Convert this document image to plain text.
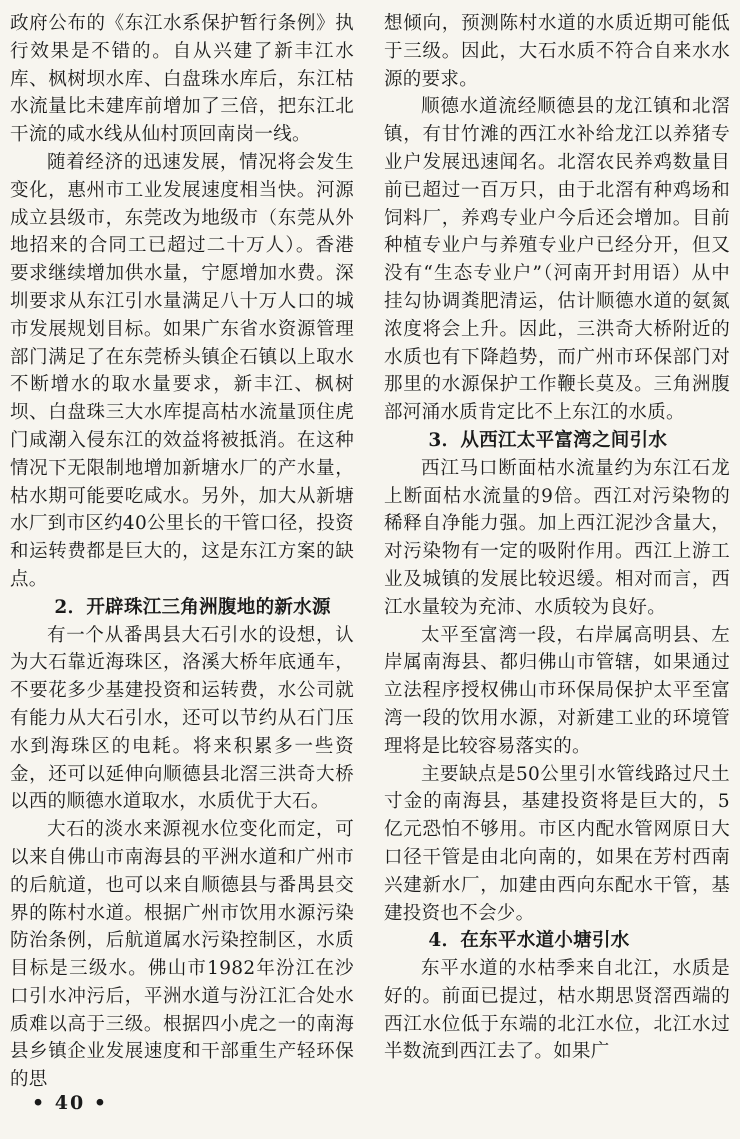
政府公布的《东江水系保护暂行条例》执行效果是不错的。自从兴建了新丰江水库、枫树坝水库、白盘珠水库后，东江枯水流量比未建库前增加了三倍，把东江北干流的咸水线从仙村顶回南岗一线。

随着经济的迅速发展，情况将会发生变化，惠州市工业发展速度相当快。河源成立县级市，东莞改为地级市（东莞从外地招来的合同工已超过二十万人）。香港要求继续增加供水量，宁愿增加水费。深圳要求从东江引水量满足八十万人口的城市发展规划目标。如果广东省水资源管理部门满足了在东莞桥头镇企石镇以上取水不断增水的取水量要求，新丰江、枫树坝、白盘珠三大水库提高枯水流量顶住虎门咸潮入侵东江的效益将被抵消。在这种情况下无限制地增加新塘水厂的产水量，枯水期可能要吃咸水。另外，加大从新塘水厂到市区约40公里长的干管口径，投资和运转费都是巨大的，这是东江方案的缺点。

2．开辟珠江三角洲腹地的新水源

有一个从番禺县大石引水的设想，认为大石靠近海珠区，洛溪大桥年底通车，不要花多少基建投资和运转费，水公司就有能力从大石引水，还可以节约从石门压水到海珠区的电耗。将来积累多一些资金，还可以延伸向顺德县北滘三洪奇大桥以西的顺德水道取水，水质优于大石。

大石的淡水来源视水位变化而定，可以来自佛山市南海县的平洲水道和广州市的后航道，也可以来自顺德县与番禺县交界的陈村水道。根据广州市饮用水源污染防治条例，后航道属水污染控制区，水质目标是三级水。佛山市1982年汾江在沙口引水冲污后，平洲水道与汾江汇合处水质难以高于三级。根据四小虎之一的南海县乡镇企业发展速度和干部重生产轻环保的思

想倾向，预测陈村水道的水质近期可能低于三级。因此，大石水质不符合自来水水源的要求。

顺德水道流经顺德县的龙江镇和北滘镇，有甘竹滩的西江水补给龙江以养猪专业户发展迅速闻名。北滘农民养鸡数量目前已超过一百万只，由于北滘有种鸡场和饲料厂，养鸡专业户今后还会增加。目前种植专业户与养殖专业户已经分开，但又没有“生态专业户”（河南开封用语）从中挂勾协调粪肥清运，估计顺德水道的氨氮浓度将会上升。因此，三洪奇大桥附近的水质也有下降趋势，而广州市环保部门对那里的水源保护工作鞭长莫及。三角洲腹部河涌水质肯定比不上东江的水质。

3．从西江太平富湾之间引水

西江马口断面枯水流量约为东江石龙上断面枯水流量的9倍。西江对污染物的稀释自净能力强。加上西江泥沙含量大，对污染物有一定的吸附作用。西江上游工业及城镇的发展比较迟缓。相对而言，西江水量较为充沛、水质较为良好。

太平至富湾一段，右岸属高明县、左岸属南海县、都归佛山市管辖，如果通过立法程序授权佛山市环保局保护太平至富湾一段的饮用水源，对新建工业的环境管理将是比较容易落实的。

主要缺点是50公里引水管线路过尺土寸金的南海县，基建投资将是巨大的，5亿元恐怕不够用。市区内配水管网原日大口径干管是由北向南的，如果在芳村西南兴建新水厂，加建由西向东配水干管，基建投资也不会少。

4．在东平水道小塘引水

东平水道的水枯季来自北江，水质是好的。前面已提过，枯水期思贤滘西端的西江水位低于东端的北江水位，北江水过半数流到西江去了。如果广

• 40 •
